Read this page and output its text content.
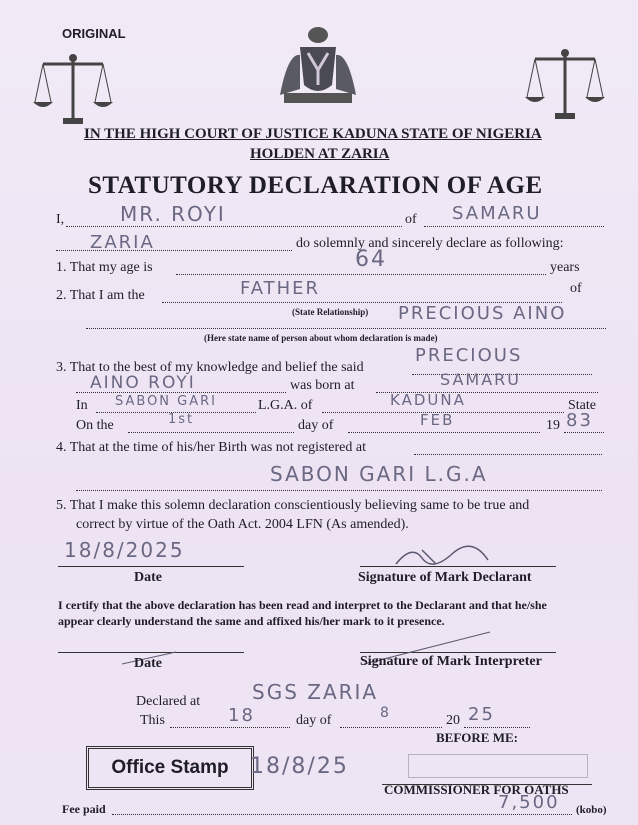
ORIGINAL
IN THE HIGH COURT OF JUSTICE KADUNA STATE OF NIGERIA
HOLDEN AT ZARIA
STATUTORY DECLARATION OF AGE
I,	MR. ROYI	of SAMARU
ZARIA	do solemnly and sincerely declare as following:
1. That my age is	64	years
2. That I am the	FATHER	of
(State Relationship) PRECIOUS AINO
(Here state name of person about whom declaration is made)
3. That to the best of my knowledge and belief the said
PRECIOUS
AINO ROYI	was born at	SAMARU
In SABON GARI	L.G.A. of	KADUNA	State
On the	1st	day of	FEB	19 83
4. That at the time of his/her Birth was not registered at
SABON GARI L.G.A
5. That I make this solemn declaration conscientiously believing same to be true and
correct by virtue of the Oath Act. 2004 LFN (As amended).
18/8/2025
Date	Signature of Mark Declarant
I certify that the above declaration has been read and interpret to the Declarant and that he/she
appear clearly understand the same and affixed his/her mark to it presence.
Date	Signature of Mark Interpreter
Declared at	SGS ZARIA
This	18	day of	8	20 25
BEFORE ME:
Office Stamp 18/8/25
COMMISSIONER FOR OATHS
Fee paid	7,500 (kobo)
